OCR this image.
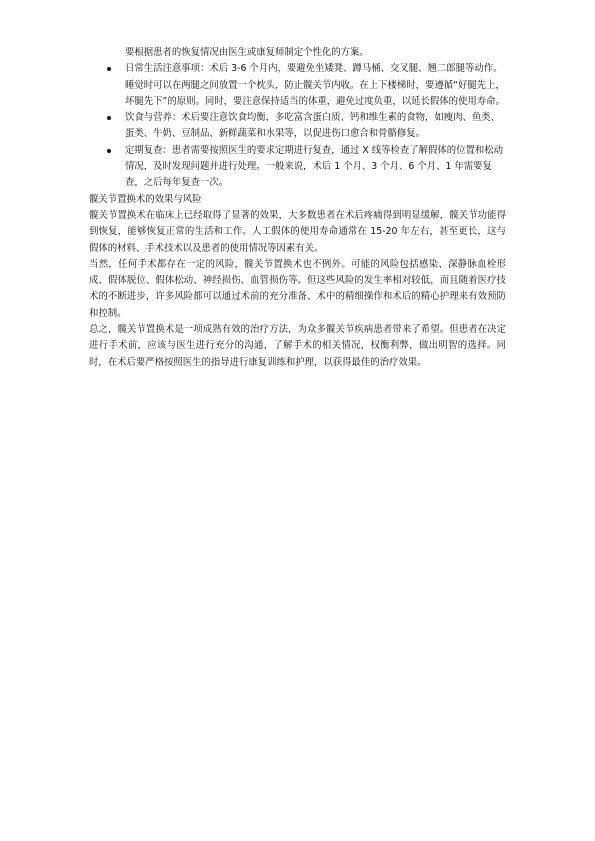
要根据患者的恢复情况由医生或康复师制定个性化的方案。
日常生活注意事项：术后 3-6 个月内，要避免坐矮凳、蹲马桶、交叉腿、翘二郎腿等动作。睡觉时可以在两腿之间放置一个枕头，防止髋关节内收。在上下楼梯时，要遵循“好腿先上，坏腿先下”的原则。同时，要注意保持适当的体重，避免过度负重，以延长假体的使用寿命。
饮食与营养：术后要注意饮食均衡，多吃富含蛋白质、钙和维生素的食物，如瘦肉、鱼类、蛋类、牛奶、豆制品、新鲜蔬菜和水果等，以促进伤口愈合和骨骼修复。
定期复查：患者需要按照医生的要求定期进行复查，通过 X 线等检查了解假体的位置和松动情况，及时发现问题并进行处理。一般来说，术后 1 个月、3 个月、6 个月、1 年需要复查，之后每年复查一次。
髋关节置换术的效果与风险

髋关节置换术在临床上已经取得了显著的效果，大多数患者在术后疼痛得到明显缓解，髋关节功能得到恢复，能够恢复正常的生活和工作。人工假体的使用寿命通常在 15-20 年左右，甚至更长，这与假体的材料、手术技术以及患者的使用情况等因素有关。

当然，任何手术都存在一定的风险，髋关节置换术也不例外。可能的风险包括感染、深静脉血栓形成、假体脱位、假体松动、神经损伤、血管损伤等。但这些风险的发生率相对较低，而且随着医疗技术的不断进步，许多风险都可以通过术前的充分准备、术中的精细操作和术后的精心护理来有效预防和控制。

总之，髋关节置换术是一项成熟有效的治疗方法，为众多髋关节疾病患者带来了希望。但患者在决定进行手术前，应该与医生进行充分的沟通，了解手术的相关情况，权衡利弊，做出明智的选择。同时，在术后要严格按照医生的指导进行康复训练和护理，以获得最佳的治疗效果。
